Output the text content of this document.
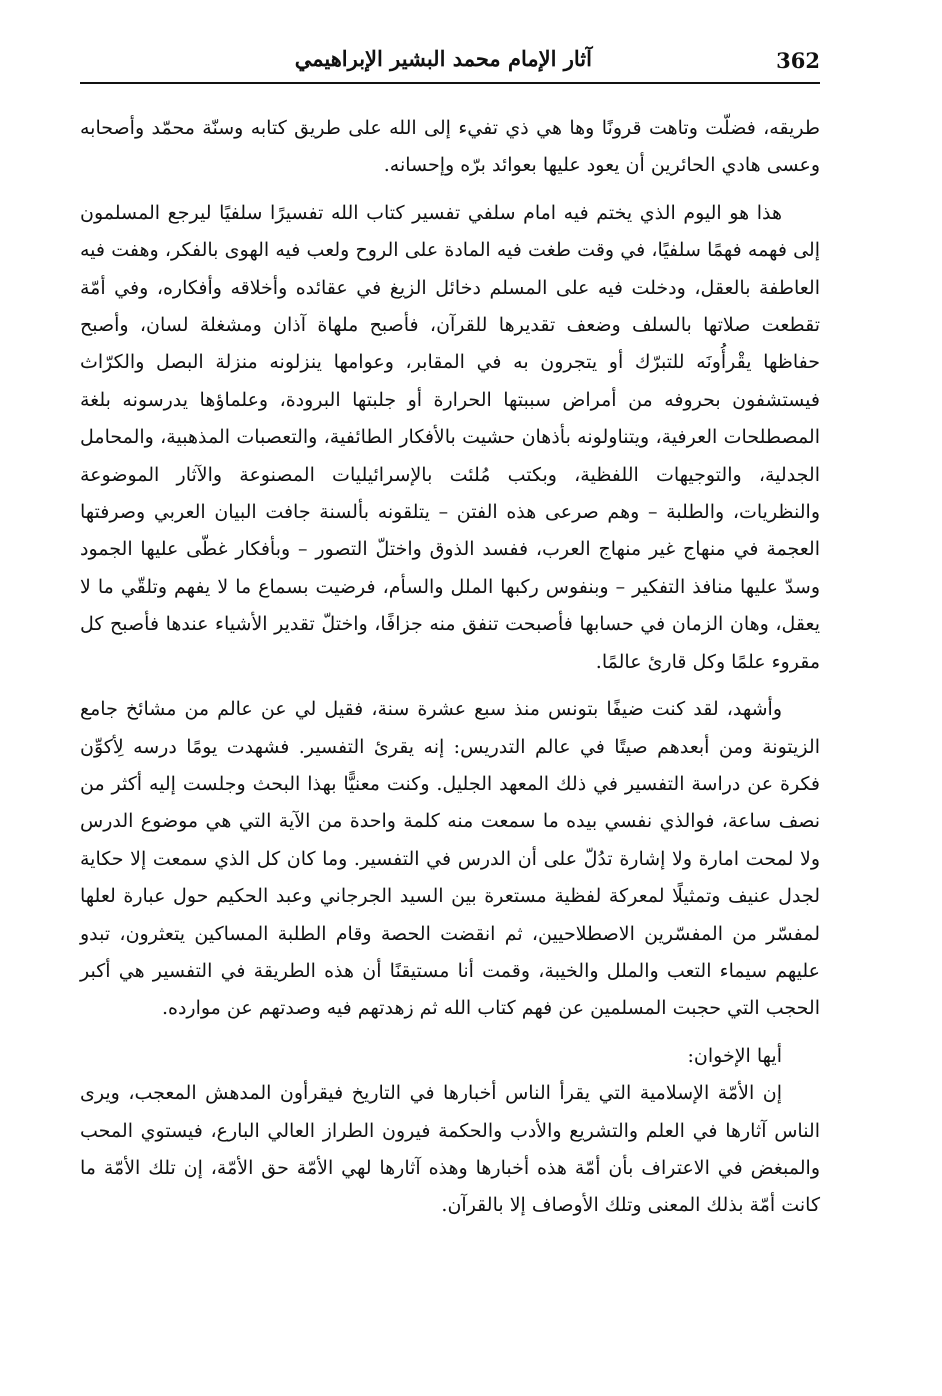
362
آثار الإمام محمد البشير الإبراهيمي

طريقه، فضلّت وتاهت قرونًا وها هي ذي تفيء إلى الله على طريق كتابه وسنّة محمّد وأصحابه وعسى هادي الحائرين أن يعود عليها بعوائد برّه وإحسانه.

هذا هو اليوم الذي يختم فيه امام سلفي تفسير كتاب الله تفسيرًا سلفيًا ليرجع المسلمون إلى فهمه فهمًا سلفيًا، في وقت طغت فيه المادة على الروح ولعب فيه الهوى بالفكر، وهفت فيه العاطفة بالعقل، ودخلت فيه على المسلم دخائل الزيغ في عقائده وأخلاقه وأفكاره، وفي أمّة تقطعت صلاتها بالسلف وضعف تقديرها للقرآن، فأصبح ملهاة آذان ومشغلة لسان، وأصبح حفاظها يقْرأُونَه للتبرّك أو يتجرون به في المقابر، وعوامها ينزلونه منزلة البصل والكرّاث فيستشفون بحروفه من أمراض سببتها الحرارة أو جلبتها البرودة، وعلماؤها يدرسونه بلغة المصطلحات العرفية، ويتناولونه بأذهان حشيت بالأفكار الطائفية، والتعصبات المذهبية، والمحامل الجدلية، والتوجيهات اللفظية، وبكتب مُلئت بالإسرائيليات المصنوعة والآثار الموضوعة والنظريات، والطلبة – وهم صرعى هذه الفتن – يتلقونه بألسنة جافت البيان العربي وصرفتها العجمة في منهاج غير منهاج العرب، ففسد الذوق واختلّ التصور – وبأفكار غطّى عليها الجمود وسدّ عليها منافذ التفكير – وبنفوس ركبها الملل والسأم، فرضيت بسماع ما لا يفهم وتلقّي ما لا يعقل، وهان الزمان في حسابها فأصبحت تنفق منه جزافًا، واختلّ تقدير الأشياء عندها فأصبح كل مقروء علمًا وكل قارئ عالمًا.

وأشهد، لقد كنت ضيفًا بتونس منذ سبع عشرة سنة، فقيل لي عن عالم من مشائخ جامع الزيتونة ومن أبعدهم صيتًا في عالم التدريس: إنه يقرئ التفسير. فشهدت يومًا درسه لِأكوِّن فكرة عن دراسة التفسير في ذلك المعهد الجليل. وكنت معنيًّا بهذا البحث وجلست إليه أكثر من نصف ساعة، فوالذي نفسي بيده ما سمعت منه كلمة واحدة من الآية التي هي موضوع الدرس ولا لمحت امارة ولا إشارة تدُلّ على أن الدرس في التفسير. وما كان كل الذي سمعت إلا حكاية لجدل عنيف وتمثيلًا لمعركة لفظية مستعرة بين السيد الجرجاني وعبد الحكيم حول عبارة لعلها لمفسّر من المفسّرين الاصطلاحيين، ثم انقضت الحصة وقام الطلبة المساكين يتعثرون، تبدو عليهم سيماء التعب والملل والخيبة، وقمت أنا مستيقنًا أن هذه الطريقة في التفسير هي أكبر الحجب التي حجبت المسلمين عن فهم كتاب الله ثم زهدتهم فيه وصدتهم عن موارده.

أيها الإخوان:

إن الأمّة الإسلامية التي يقرأ الناس أخبارها في التاريخ فيقرأون المدهش المعجب، ويرى الناس آثارها في العلم والتشريع والأدب والحكمة فيرون الطراز العالي البارع، فيستوي المحب والمبغض في الاعتراف بأن أمّة هذه أخبارها وهذه آثارها لهي الأمّة حق الأمّة، إن تلك الأمّة ما كانت أمّة بذلك المعنى وتلك الأوصاف إلا بالقرآن.
